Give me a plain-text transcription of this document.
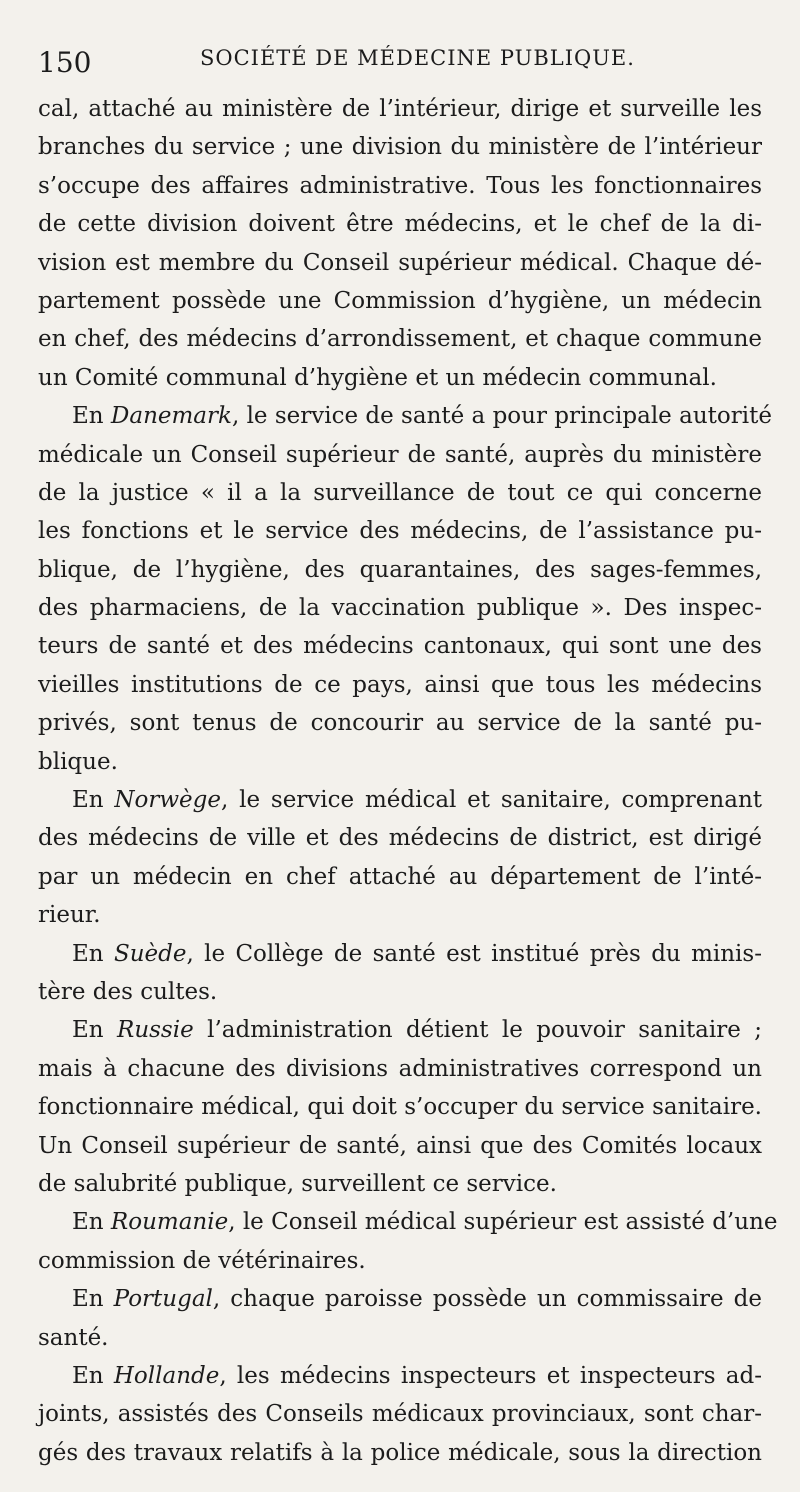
150	SOCIÉTÉ DE MÉDECINE PUBLIQUE.
cal, attaché au ministère de l’intérieur, dirige et surveille les
branches du service ; une division du ministère de l’intérieur
s’occupe des affaires administrative. Tous les fonctionnaires
de cette division doivent être médecins, et le chef de la di-
vision est membre du Conseil supérieur médical. Chaque dé-
partement possède une Commission d’hygiène, un médecin
en chef, des médecins d’arrondissement, et chaque commune
un Comité communal d’hygiène et un médecin communal.
En Danemark, le service de santé a pour principale autorité
médicale un Conseil supérieur de santé, auprès du ministère
de la justice « il a la surveillance de tout ce qui concerne
les fonctions et le service des médecins, de l’assistance pu-
blique, de l’hygiène, des quarantaines, des sages-femmes,
des pharmaciens, de la vaccination publique ». Des inspec-
teurs de santé et des médecins cantonaux, qui sont une des
vieilles institutions de ce pays, ainsi que tous les médecins
privés, sont tenus de concourir au service de la santé pu-
blique.
En Norwège, le service médical et sanitaire, comprenant
des médecins de ville et des médecins de district, est dirigé
par un médecin en chef attaché au département de l’inté-
rieur.
En Suède, le Collège de santé est institué près du minis-
tère des cultes.
En Russie l’administration détient le pouvoir sanitaire ;
mais à chacune des divisions administratives correspond un
fonctionnaire médical, qui doit s’occuper du service sanitaire.
Un Conseil supérieur de santé, ainsi que des Comités locaux
de salubrité publique, surveillent ce service.
En Roumanie, le Conseil médical supérieur est assisté d’une
commission de vétérinaires.
En Portugal, chaque paroisse possède un commissaire de
santé.
En Hollande, les médecins inspecteurs et inspecteurs ad-
joints, assistés des Conseils médicaux provinciaux, sont char-
gés des travaux relatifs à la police médicale, sous la direction
